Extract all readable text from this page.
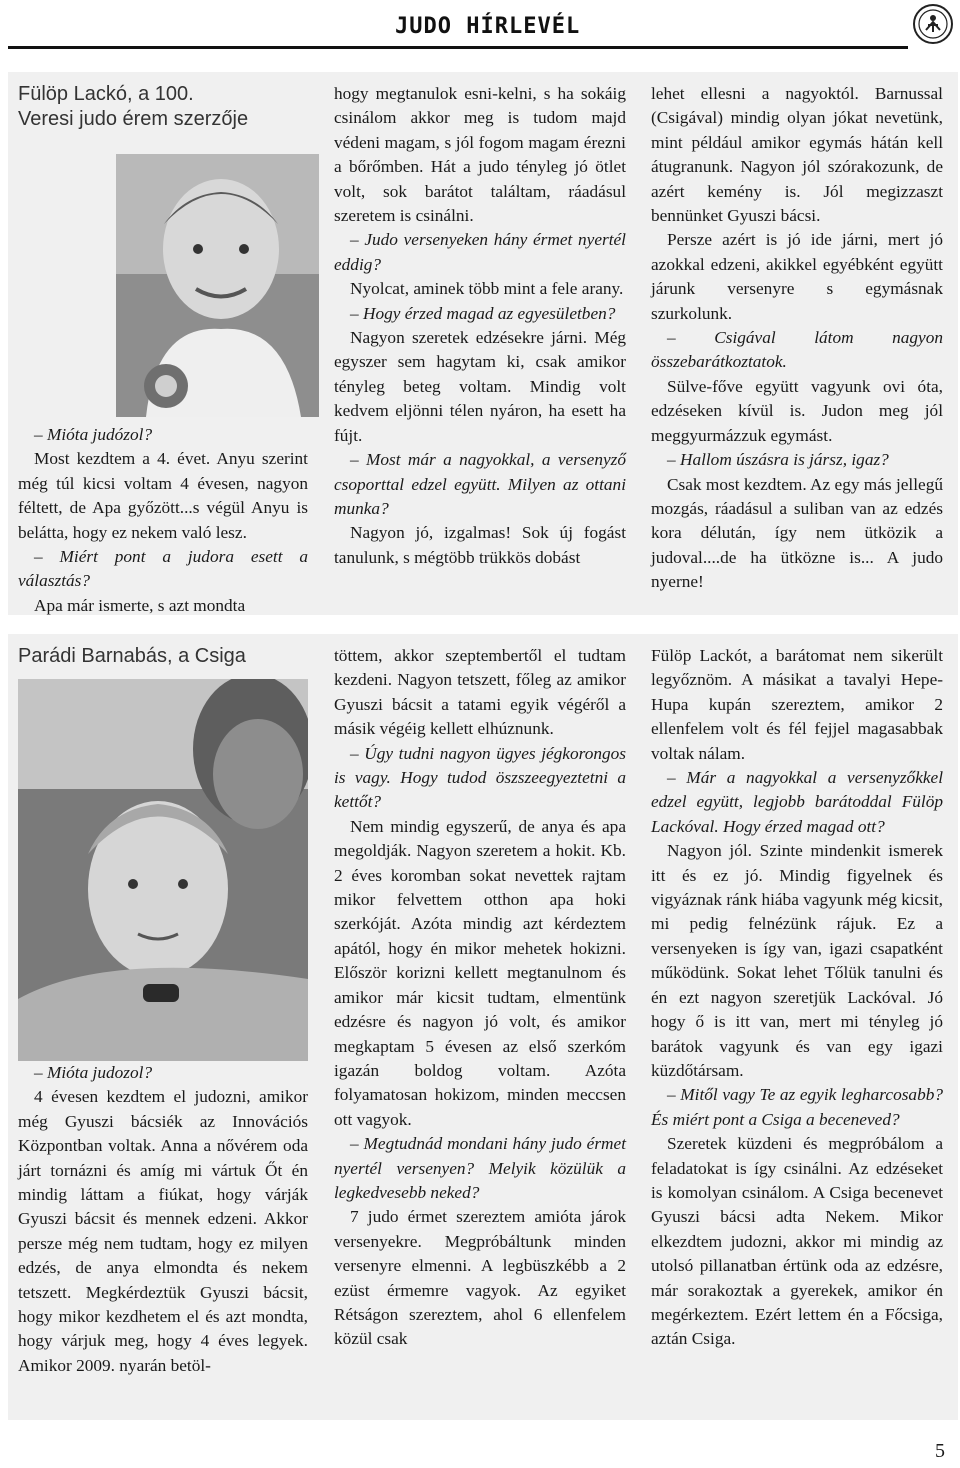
JUDO HÍRLEVÉL
Fülöp Lackó, a 100.
Veresi judo érem szerzője

– Mióta judózol?

Most kezdtem a 4. évet. Anyu szerint még túl kicsi voltam 4 évesen, nagyon féltett, de Apa győzött...s végül Anyu is belátta, hogy ez nekem való lesz.

– Miért pont a judora esett a választás?

Apa már ismerte, s azt mondta

hogy megtanulok esni-kelni, s ha sokáig csinálom akkor meg is tudom majd védeni magam, s jól fogom magam érezni a bőrőmben. Hát a judo tényleg jó ötlet volt, sok barátot találtam, ráadásul szeretem is csinálni.

– Judo versenyeken hány érmet nyertél eddig?

Nyolcat, aminek több mint a fele arany.

– Hogy érzed magad az egyesületben?

Nagyon szeretek edzésekre járni. Még egyszer sem hagytam ki, csak amikor tényleg beteg voltam. Mindig volt kedvem eljönni télen nyáron, ha esett ha fújt.

– Most már a nagyokkal, a versenyző csoporttal edzel együtt. Milyen az ottani munka?

Nagyon jó, izgalmas! Sok új fogást tanulunk, s mégtöbb trükkös dobást

lehet ellesni a nagyoktól. Barnussal (Csigával) mindig olyan jókat nevetünk, mint például amikor egymás hátán kell átugranunk. Nagyon jól szórakozunk, de azért kemény is. Jól megizzaszt bennünket Gyuszi bácsi.

Persze azért is jó ide járni, mert jó azokkal edzeni, akikkel egyébként együtt járunk versenyre s egymásnak szurkolunk.

– Csigával látom nagyon összebarátkoztatok.

Sülve-főve együtt vagyunk ovi óta, edzéseken kívül is. Judon meg jól meggyurmázzuk egymást.

– Hallom úszásra is jársz, igaz?

Csak most kezdtem. Az egy más jellegű mozgás, ráadásul a suliban van az edzés kora délután, így nem ütközik a judoval....de ha ütközne is... A judo nyerne!

Parádi Barnabás, a Csiga

– Mióta judozol?

4 évesen kezdtem el judozni, amikor még Gyuszi bácsiék az Innovációs Központban voltak. Anna a nővérem oda járt tornázni és amíg mi vártuk Őt én mindig láttam a fiúkat, hogy várják Gyuszi bácsit és mennek edzeni. Akkor persze még nem tudtam, hogy ez milyen edzés, de anya elmondta és nekem tetszett. Megkérdeztük Gyuszi bácsit, hogy mikor kezdhetem el és azt mondta, hogy várjuk meg, hogy 4 éves legyek. Amikor 2009. nyarán betöl-

töttem, akkor szeptembertől el tudtam kezdeni. Nagyon tetszett, főleg az amikor Gyuszi bácsit a tatami egyik végéről a másik végéig kellett elhúznunk.

– Úgy tudni nagyon ügyes jégkorongos is vagy. Hogy tudod öszszeegyeztetni a kettőt?

Nem mindig egyszerű, de anya és apa megoldják. Nagyon szeretem a hokit. Kb. 2 éves koromban sokat nevettek rajtam mikor felvettem otthon apa hoki szerkóját. Azóta mindig azt kérdeztem apától, hogy én mikor mehetek hokizni. Először korizni kellett megtanulnom és amikor már kicsit tudtam, elmentünk edzésre és nagyon jó volt, és amikor megkaptam 5 évesen az első szerkóm igazán boldog voltam. Azóta folyamatosan hokizom, minden meccsen ott vagyok.

– Megtudnád mondani hány judo érmet nyertél versenyen? Melyik közülük a legkedvesebb neked?

7 judo érmet szereztem amióta járok versenyekre. Megpróbáltunk minden versenyre elmenni. A legbüszkébb a 2 ezüst érmemre vagyok. Az egyiket Rétságon szereztem, ahol 6 ellenfelem közül csak

Fülöp Lackót, a barátomat nem sikerült legyőznöm. A másikat a tavalyi Hepe-Hupa kupán szereztem, amikor 2 ellenfelem volt és fél fejjel magasabbak voltak nálam.

– Már a nagyokkal a versenyzőkkel edzel együtt, legjobb barátoddal Fülöp Lackóval. Hogy érzed magad ott?

Nagyon jól. Szinte mindenkit ismerek itt és ez jó. Mindig figyelnek és vigyáznak ránk hiába vagyunk még kicsit, mi pedig felnézünk rájuk. Ez a versenyeken is így van, igazi csapatként működünk. Sokat lehet Tőlük tanulni és én ezt nagyon szeretjük Lackóval. Jó hogy ő is itt van, mert mi tényleg jó barátok vagyunk és van egy igazi küzdőtársam.

– Mitől vagy Te az egyik legharcosabb? És miért pont a Csiga a beceneved?

Szeretek küzdeni és megpróbálom a feladatokat is így csinálni. Az edzéseket is komolyan csinálom. A Csiga becenevet Gyuszi bácsi adta Nekem. Mikor elkezdtem judozni, akkor mi mindig az utolsó pillanatban értünk oda az edzésre, már sorakoztak a gyerekek, amikor én megérkeztem. Ezért lettem én a Főcsiga, aztán Csiga.

5
